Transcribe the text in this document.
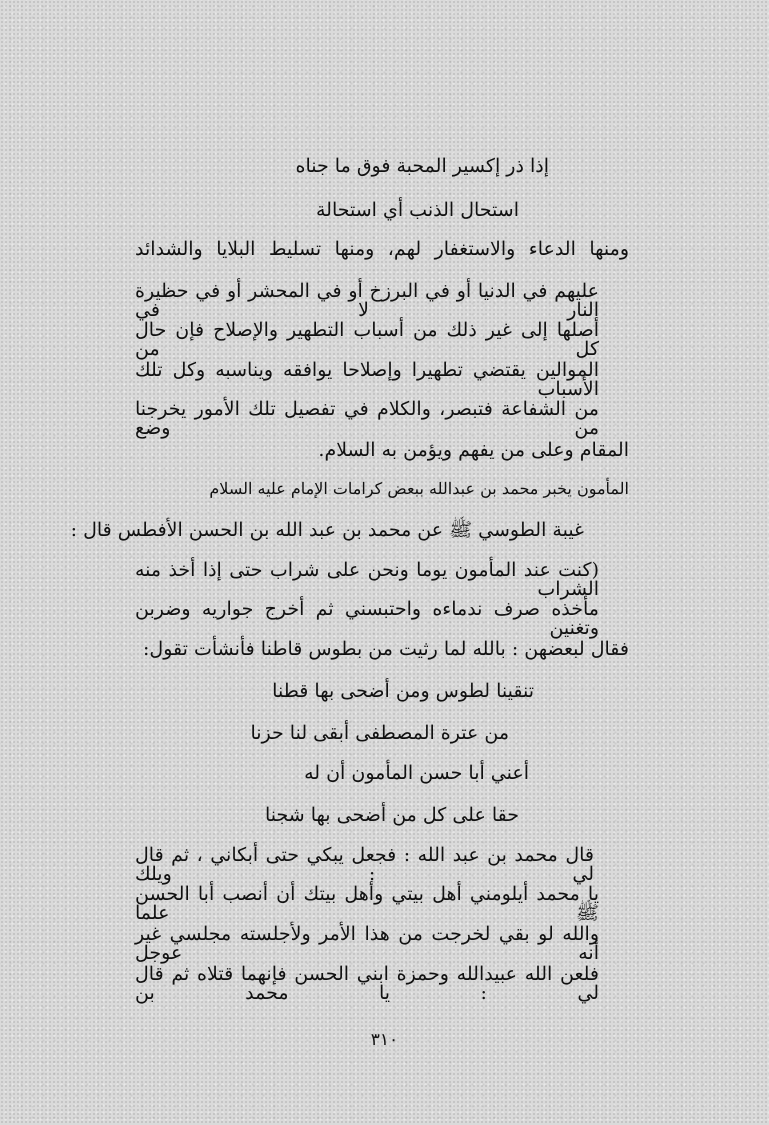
إذا ذر إكسير المحبة فوق ما جناه
استحال الذنب أي استحالة
ومنها الدعاء والاستغفار لهم، ومنها تسليط البلايا والشدائد
عليهم في الدنيا أو في البرزخ أو في المحشر أو في حظيرة النار لا في
أصلها إلى غير ذلك من أسباب التطهير والإصلاح فإن حال كل من
الموالين يقتضي تطهيرا وإصلاحا يوافقه ويناسبه وكل تلك الأسباب
من الشفاعة فتبصر، والكلام في تفصيل تلك الأمور يخرجنا من وضع
المقام وعلى من يفهم ويؤمن به السلام.
المأمون يخبر محمد بن عبدالله ببعض كرامات الإمام عليه السلام
غيبة الطوسي ﷺ عن محمد بن عبد الله بن الحسن الأفطس قال :
(كنت عند المأمون يوما ونحن على شراب حتى إذا أخذ منه الشراب
مأخذه صرف ندماءه واحتبسني ثم أخرج جواريه وضربن وتغنين
فقال لبعضهن : بالله لما رثيت من بطوس قاطنا فأنشأت تقول:
تنقينا لطوس ومن أضحى بها قطنا
من عترة المصطفى أبقى لنا حزنا
أعني أبا حسن المأمون أن له
حقا على كل من أضحى بها شجنا
قال محمد بن عبد الله : فجعل يبكي حتى أبكاني ، ثم قال لي : ويلك
يا محمد أيلومني أهل بيتي وأهل بيتك أن أنصب أبا الحسن ﷺ علما
والله لو بقي لخرجت من هذا الأمر ولأجلسته مجلسي غير أنه عوجل
فلعن الله عبيدالله وحمزة ابني الحسن فإنهما قتلاه ثم قال لي : يا محمد بن
٣١٠
